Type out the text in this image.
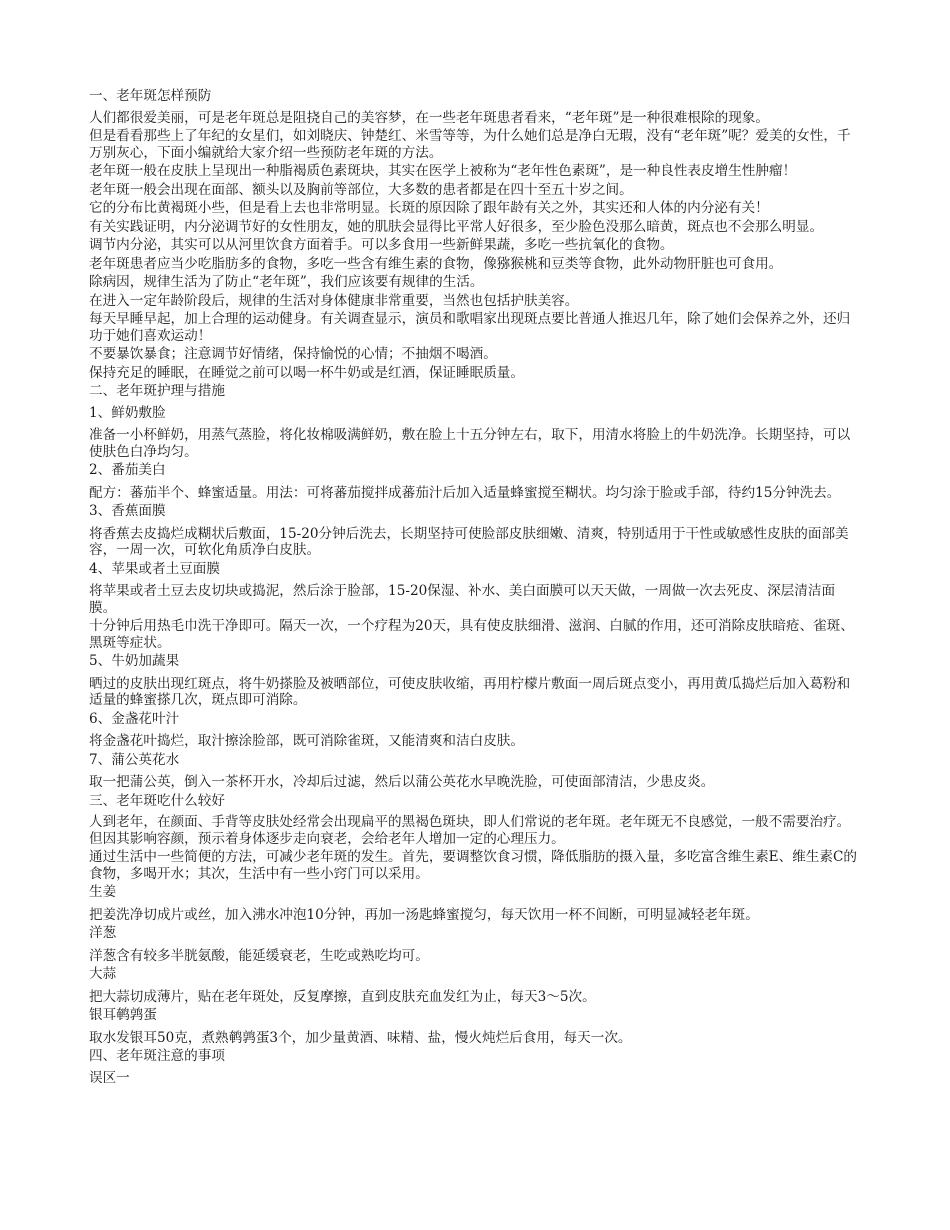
一、老年斑怎样预防
人们都很爱美丽，可是老年斑总是阻挠自己的美容梦，在一些老年斑患者看来，“老年斑”是一种很难根除的现象。
但是看看那些上了年纪的女星们，如刘晓庆、钟楚红、米雪等等，为什么她们总是净白无瑕，没有“老年斑”呢？爱美的女性，千万别灰心，下面小编就给大家介绍一些预防老年斑的方法。
老年斑一般在皮肤上呈现出一种脂褐质色素斑块，其实在医学上被称为“老年性色素斑”，是一种良性表皮增生性肿瘤！
老年斑一般会出现在面部、额头以及胸前等部位，大多数的患者都是在四十至五十岁之间。
它的分布比黄褐斑小些，但是看上去也非常明显。长斑的原因除了跟年龄有关之外，其实还和人体的内分泌有关！
有关实践证明，内分泌调节好的女性朋友，她的肌肤会显得比平常人好很多，至少脸色没那么暗黄，斑点也不会那么明显。
调节内分泌，其实可以从河里饮食方面着手。可以多食用一些新鲜果蔬，多吃一些抗氧化的食物。
老年斑患者应当少吃脂肪多的食物，多吃一些含有维生素的食物，像猕猴桃和豆类等食物，此外动物肝脏也可食用。
除病因，规律生活为了防止“老年斑”，我们应该要有规律的生活。
在进入一定年龄阶段后，规律的生活对身体健康非常重要，当然也包括护肤美容。
每天早睡早起，加上合理的运动健身。有关调查显示，演员和歌唱家出现斑点要比普通人推迟几年，除了她们会保养之外，还归功于她们喜欢运动！
不要暴饮暴食；注意调节好情绪，保持愉悦的心情；不抽烟不喝酒。
保持充足的睡眠，在睡觉之前可以喝一杯牛奶或是红酒，保证睡眠质量。
二、老年斑护理与措施
1、鲜奶敷脸
准备一小杯鲜奶，用蒸气蒸脸，将化妆棉吸满鲜奶，敷在脸上十五分钟左右，取下，用清水将脸上的牛奶洗净。长期坚持，可以使肤色白净均匀。
2、番茄美白
配方：蕃茄半个、蜂蜜适量。用法：可将蕃茄搅拌成蕃茄汁后加入适量蜂蜜搅至糊状。均匀涂于脸或手部，待约15分钟洗去。
3、香蕉面膜
将香蕉去皮捣烂成糊状后敷面，15-20分钟后洗去，长期坚持可使脸部皮肤细嫩、清爽，特别适用于干性或敏感性皮肤的面部美容，一周一次，可软化角质净白皮肤。
4、苹果或者土豆面膜
将苹果或者土豆去皮切块或捣泥，然后涂于脸部，15-20保湿、补水、美白面膜可以天天做，一周做一次去死皮、深层清洁面膜。
十分钟后用热毛巾洗干净即可。隔天一次，一个疗程为20天，具有使皮肤细滑、滋润、白腻的作用，还可消除皮肤暗疮、雀斑、黑斑等症状。
5、牛奶加蔬果
晒过的皮肤出现红斑点，将牛奶搽脸及被晒部位，可使皮肤收缩，再用柠檬片敷面一周后斑点变小，再用黄瓜捣烂后加入葛粉和适量的蜂蜜搽几次，斑点即可消除。
6、金盏花叶汁
将金盏花叶捣烂，取汁擦涂脸部，既可消除雀斑，又能清爽和洁白皮肤。
7、蒲公英花水
取一把蒲公英，倒入一茶杯开水，冷却后过滤，然后以蒲公英花水早晚洗脸，可使面部清洁，少患皮炎。
三、老年斑吃什么较好
人到老年，在颜面、手背等皮肤处经常会出现扁平的黑褐色斑块，即人们常说的老年斑。老年斑无不良感觉，一般不需要治疗。但因其影响容颜，预示着身体逐步走向衰老，会给老年人增加一定的心理压力。
通过生活中一些简便的方法，可减少老年斑的发生。首先，要调整饮食习惯，降低脂肪的摄入量，多吃富含维生素E、维生素C的食物，多喝开水；其次，生活中有一些小窍门可以采用。
生姜
把姜洗净切成片或丝，加入沸水冲泡10分钟，再加一汤匙蜂蜜搅匀，每天饮用一杯不间断，可明显减轻老年斑。
洋葱
洋葱含有较多半胱氨酸，能延缓衰老，生吃或熟吃均可。
大蒜
把大蒜切成薄片，贴在老年斑处，反复摩擦，直到皮肤充血发红为止，每天3～5次。
银耳鹌鹑蛋
取水发银耳50克，煮熟鹌鹑蛋3个，加少量黄酒、味精、盐，慢火炖烂后食用，每天一次。
四、老年斑注意的事项
误区一
